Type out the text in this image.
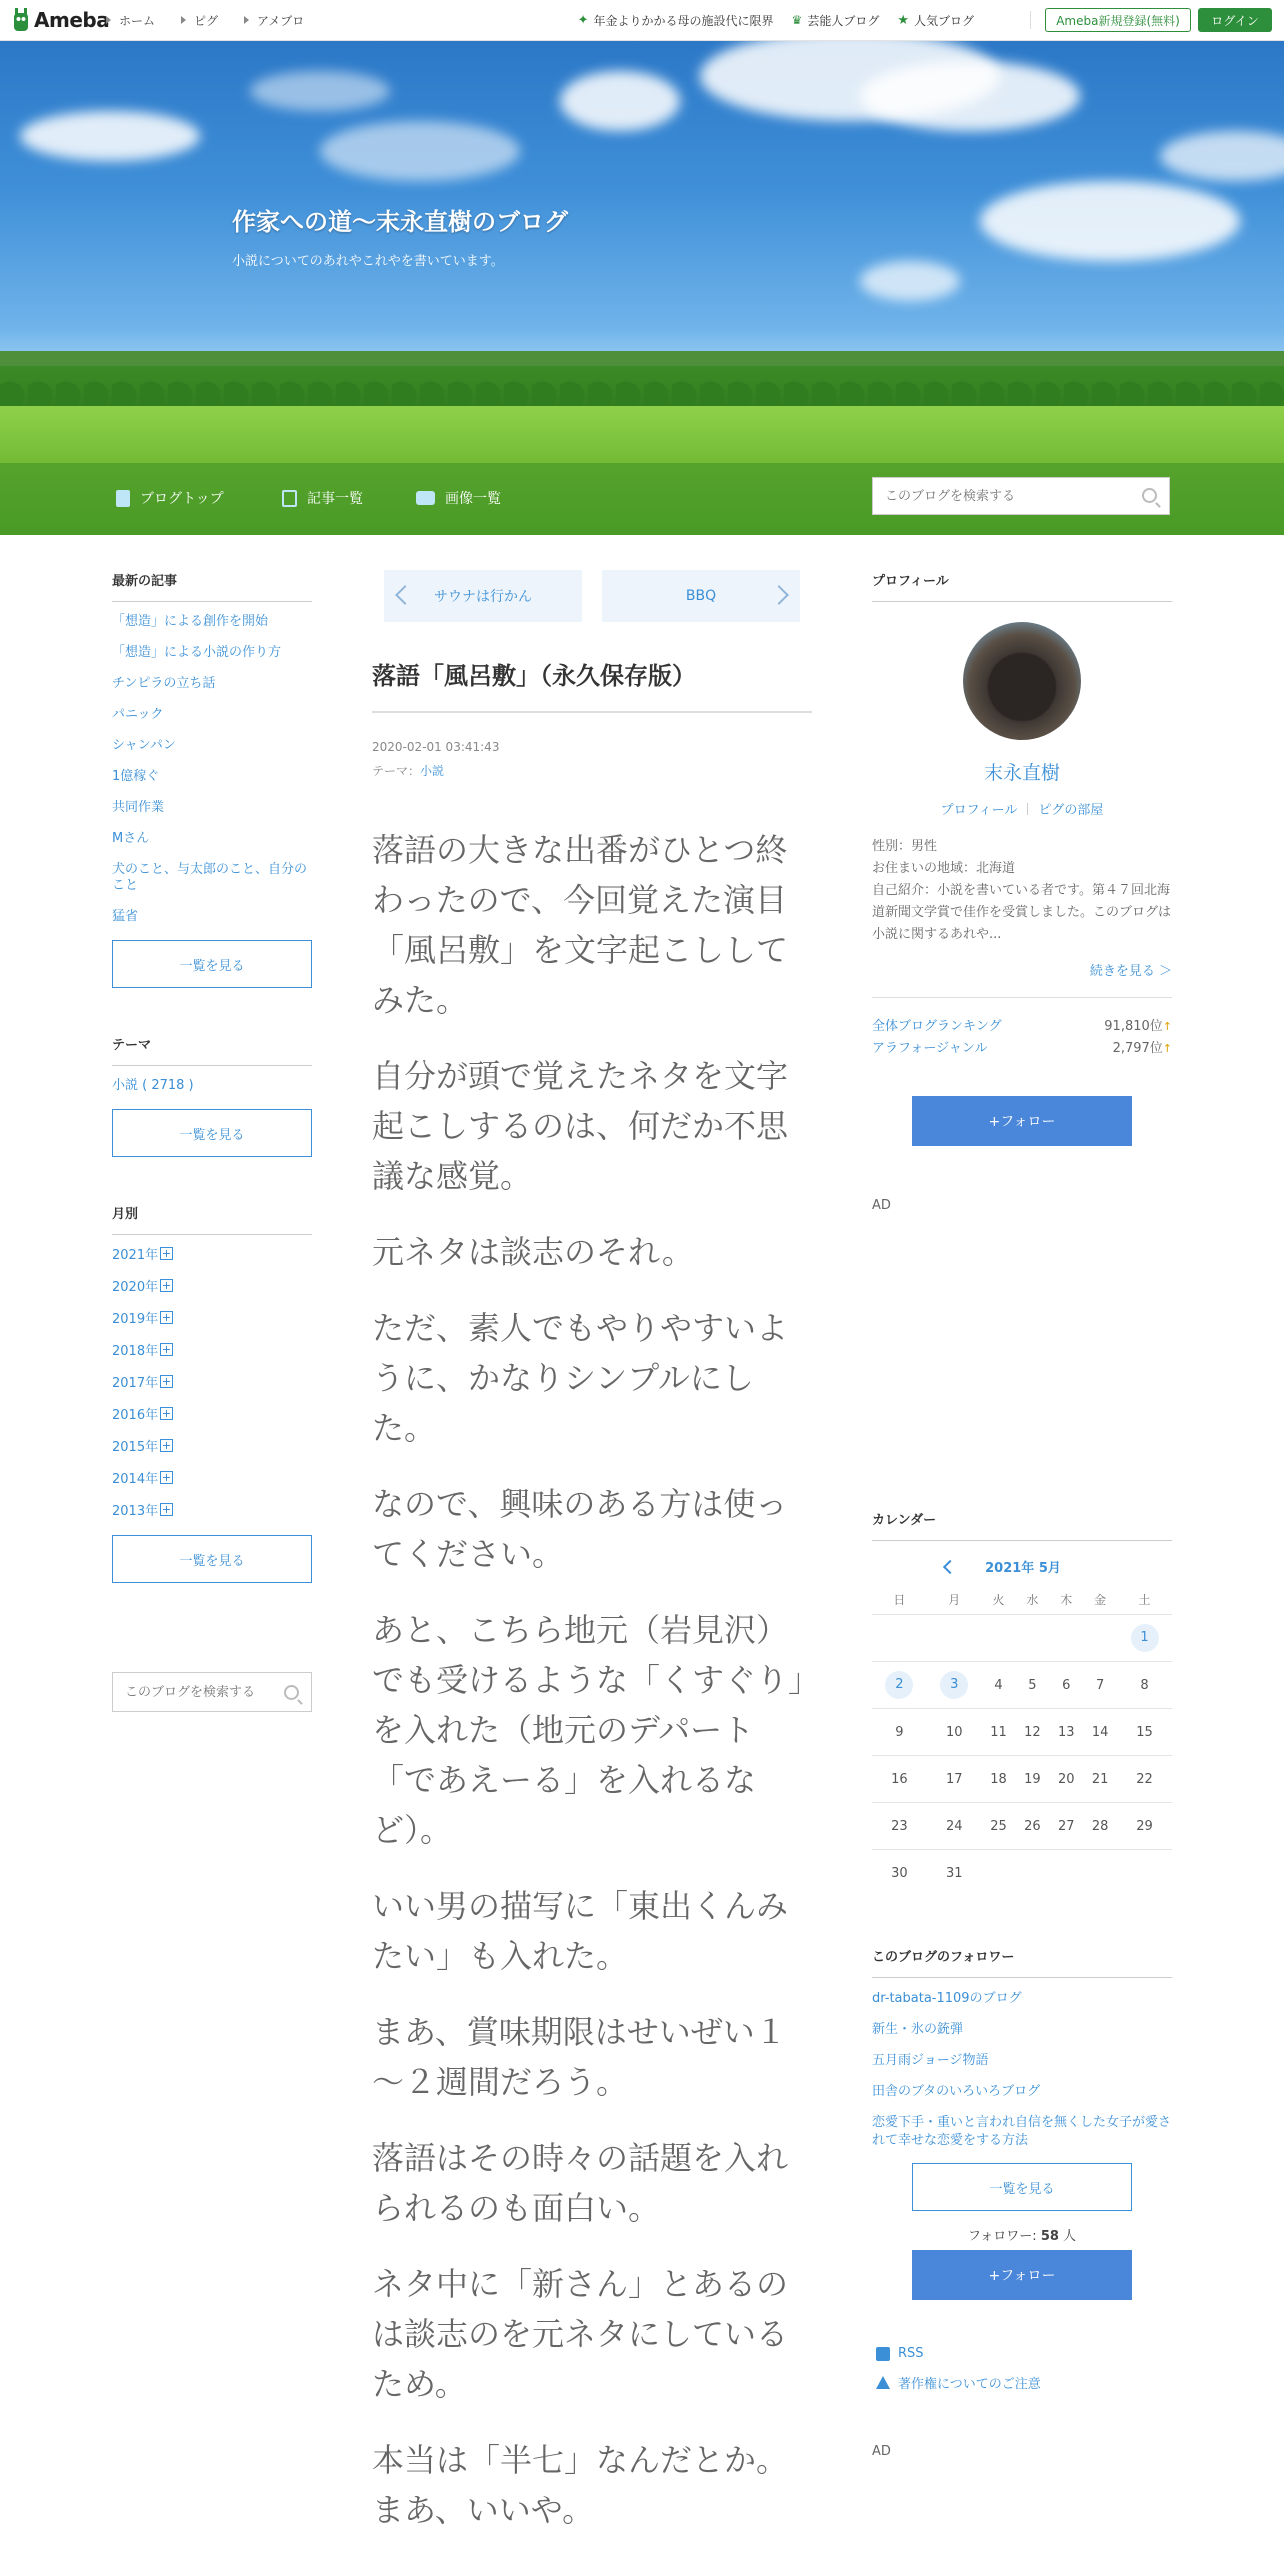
Ameba ホーム	ピグ	アメブロ	✦ 年金よりかかる母の施設代に限界 ♛ 芸能人ブログ ★ 人気ブログ	Ameba新規登録(無料)	ログイン
作家への道～末永直樹のブログ
小説についてのあれやこれやを書いています。
ブログトップ	記事一覧	画像一覧
このブログを検索する
最新の記事
「想造」による創作を開始
「想造」による小説の作り方
チンピラの立ち話
パニック
シャンパン
1億稼ぐ
共同作業
Mさん
犬のこと、与太郎のこと、自分のこと
猛省
一覧を見る
テーマ
小説 ( 2718 )
一覧を見る
月別
2021年
2020年
2019年
2018年
2017年
2016年
2015年
2014年
2013年
一覧を見る
このブログを検索する
サウナは行かん	BBQ
落語「風呂敷」（永久保存版）
2020-02-01 03:41:43
テーマ：小説

落語の大きな出番がひとつ終わったので、今回覚えた演目「風呂敷」を文字起こししてみた。

自分が頭で覚えたネタを文字起こしするのは、何だか不思議な感覚。

元ネタは談志のそれ。

ただ、素人でもやりやすいように、かなりシンプルにした。

なので、興味のある方は使ってください。

あと、こちら地元（岩見沢）でも受けるような「くすぐり」を入れた（地元のデパート「であえーる」を入れるなど）。

いい男の描写に「東出くんみたい」も入れた。

まあ、賞味期限はせいぜい１～２週間だろう。

落語はその時々の話題を入れられるのも面白い。

ネタ中に「新さん」とあるのは談志のを元ネタにしているため。

本当は「半七」なんだとか。まあ、いいや。

プロフィール
末永直樹
プロフィール ピグの部屋
性別：男性
お住まいの地域：北海道
自己紹介：小説を書いている者です。第４７回北海道新聞文学賞で佳作を受賞しました。このブログは小説に関するあれや...
続きを見る ＞
全体ブログランキング	91,810位↑
アラフォージャンル	2,797位↑
+フォロー
AD
カレンダー
2021年 5月
日	月	火	水	木	金	土
						1
2	3	4	5	6	7	8
9	10	11	12	13	14	15
16	17	18	19	20	21	22
23	24	25	26	27	28	29
30	31					
このブログのフォロワー
dr-tabata-1109のブログ
新生・氷の銃弾
五月雨ジョージ物語
田舎のブタのいろいろブログ
恋愛下手・重いと言われ自信を無くした女子が愛されて幸せな恋愛をする方法
一覧を見る
フォロワー: 58 人
+フォロー
RSS
著作権についてのご注意
AD
